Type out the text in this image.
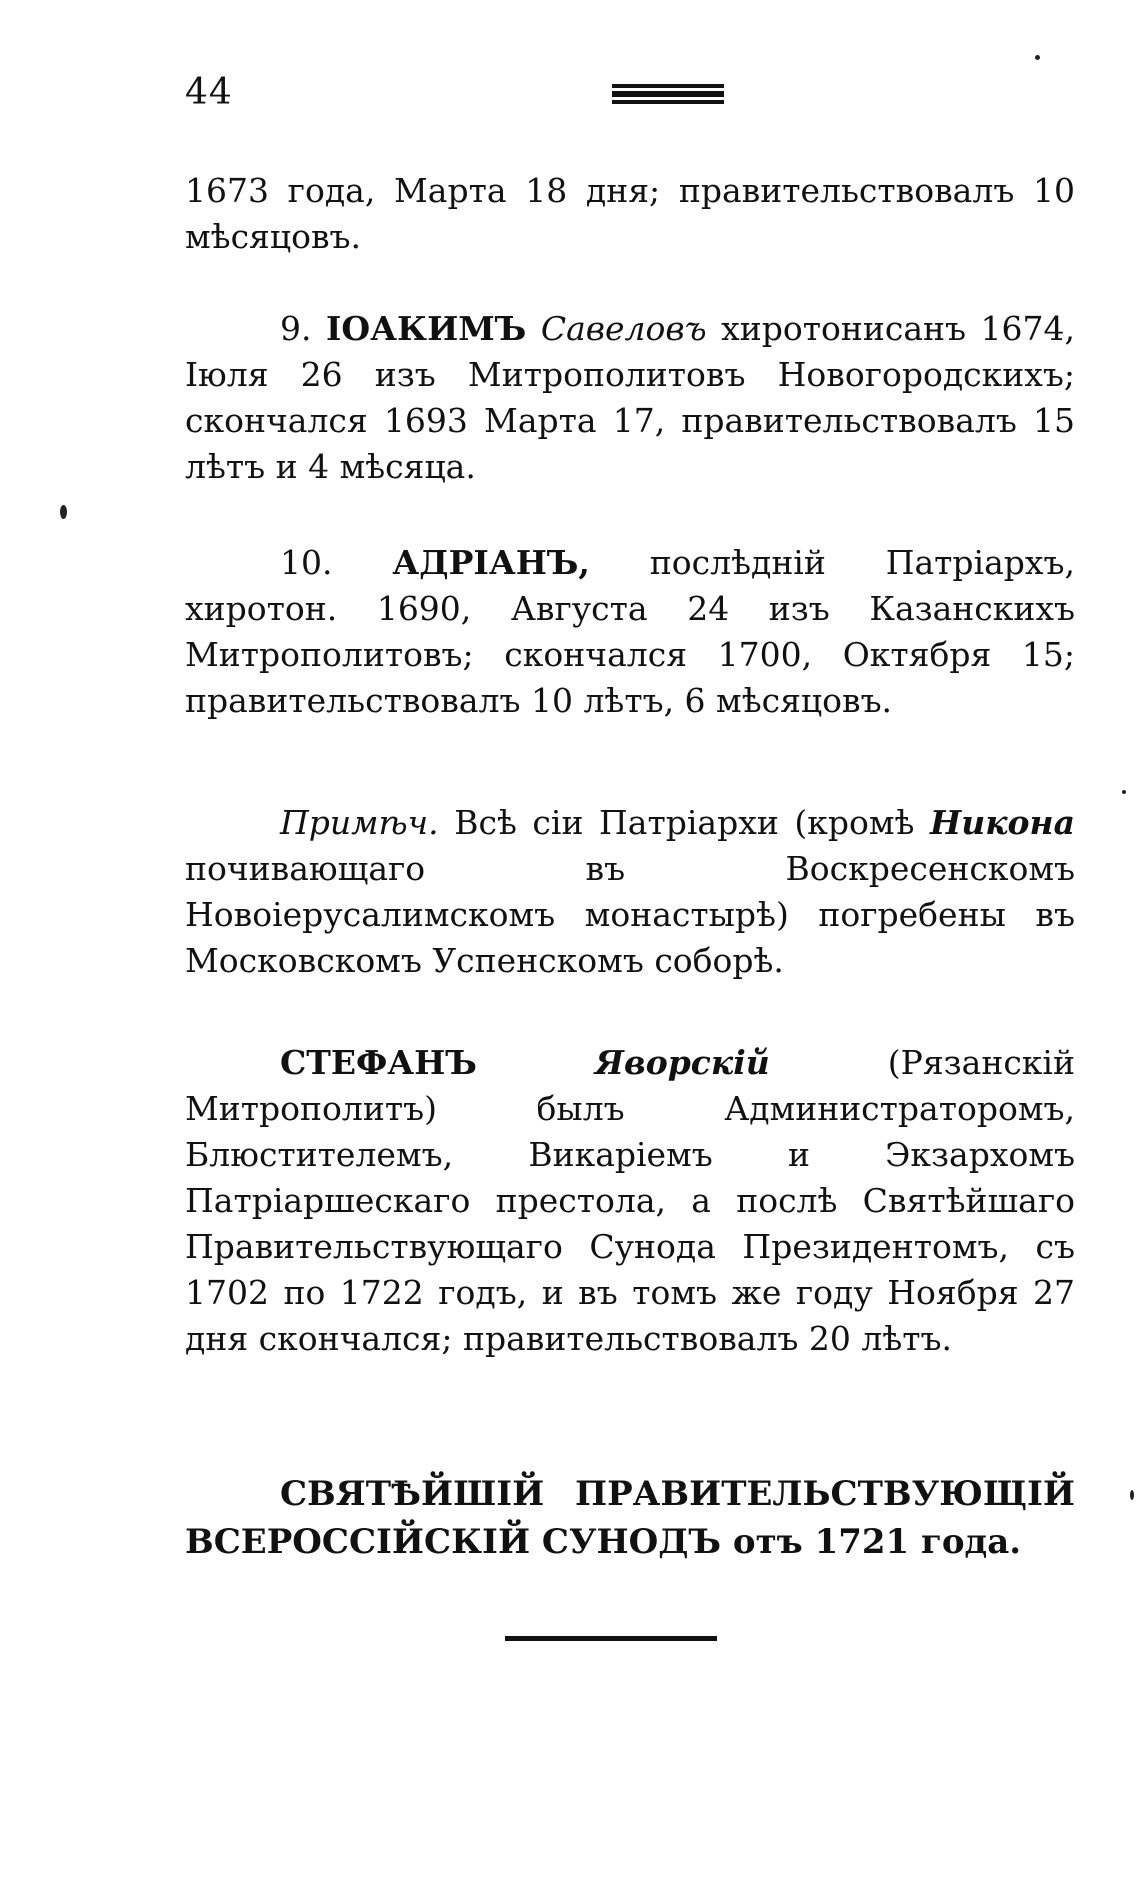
44
1673 года, Марта 18 дня; правительствовалъ 10 мѣсяцовъ.
9. IОАКИМЪ Савеловъ хиротонисанъ 1674, Iюля 26 изъ Митрополитовъ Новогородскихъ; скончался 1693 Марта 17, правительствовалъ 15 лѣтъ и 4 мѣсяца.
10. АДРIАНЪ, послѣднiй Патрiархъ, хиротон. 1690, Августа 24 изъ Казанскихъ Митрополитовъ; скончался 1700, Октября 15; правительствовалъ 10 лѣтъ, 6 мѣсяцовъ.
Примѣч. Всѣ сiи Патрiархи (кромѣ Никона почивающаго въ Воскресенскомъ Новоiерусалимскомъ монастырѣ) погребены въ Московскомъ Успенскомъ соборѣ.
СТЕФАНЪ	Яворскiй (Рязанскiй Митрополитъ) былъ Администраторомъ, Блюстителемъ, Викарiемъ и Экзархомъ Патрiаршескаго престола, а послѣ Святѣйшаго Правительствующаго Сунода Президентомъ, съ 1702 по 1722 годъ, и въ томъ же году Ноября 27 дня скончался; правительствовалъ 20 лѣтъ.
СВЯТѢЙШIЙ ПРАВИТЕЛЬСТВУЮЩIЙ ВСЕРОССIЙСКIЙ СУНОДЪ отъ 1721 года.
